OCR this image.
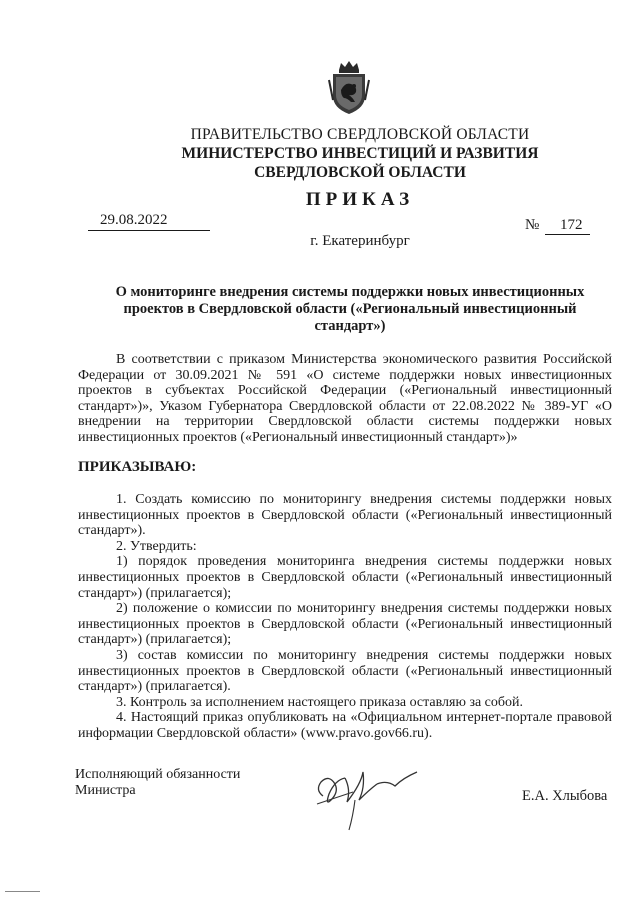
ПРАВИТЕЛЬСТВО СВЕРДЛОВСКОЙ ОБЛАСТИ
МИНИСТЕРСТВО ИНВЕСТИЦИЙ И РАЗВИТИЯ
СВЕРДЛОВСКОЙ ОБЛАСТИ
ПРИКАЗ
29.08.2022	№ 172
г. Екатеринбург
О мониторинге внедрения системы поддержки новых инвестиционных проектов в Свердловской области («Региональный инвестиционный стандарт»)
В соответствии с приказом Министерства экономического развития Российской Федерации от 30.09.2021 № 591 «О системе поддержки новых инвестиционных проектов в субъектах Российской Федерации («Региональный инвестиционный стандарт»)», Указом Губернатора Свердловской области от 22.08.2022 № 389-УГ «О внедрении на территории Свердловской области системы поддержки новых инвестиционных проектов («Региональный инвестиционный стандарт»)»
ПРИКАЗЫВАЮ:

1. Создать комиссию по мониторингу внедрения системы поддержки новых инвестиционных проектов в Свердловской области («Региональный инвестиционный стандарт»).

2. Утвердить:

1) порядок проведения мониторинга внедрения системы поддержки новых инвестиционных проектов в Свердловской области («Региональный инвестиционный стандарт») (прилагается);

2) положение о комиссии по мониторингу внедрения системы поддержки новых инвестиционных проектов в Свердловской области («Региональный инвестиционный стандарт») (прилагается);

3) состав комиссии по мониторингу внедрения системы поддержки новых инвестиционных проектов в Свердловской области («Региональный инвестиционный стандарт») (прилагается).

3. Контроль за исполнением настоящего приказа оставляю за собой.

4. Настоящий приказ опубликовать на «Официальном интернет-портале правовой информации Свердловской области» (www.pravo.gov66.ru).

Исполняющий обязанности
Министра	Е.А. Хлыбова
